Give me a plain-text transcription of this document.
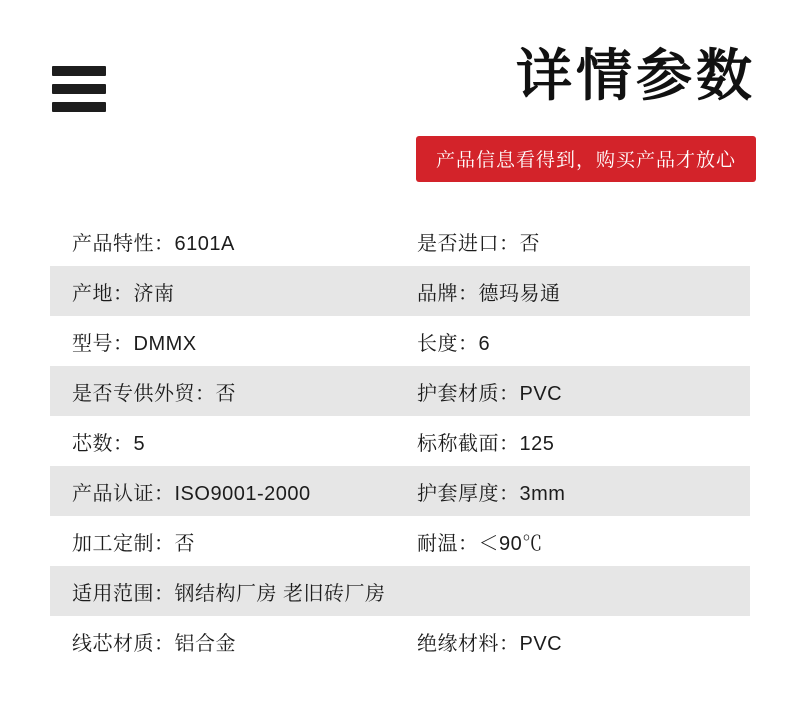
详情参数
产品信息看得到，购买产品才放心
产品特性： 6101A	是否进口： 否
产地： 济南	品牌： 德玛易通
型号： DMMX	长度： 6
是否专供外贸： 否	护套材质： PVC
芯数： 5	标称截面： 125
产品认证： ISO9001-2000	护套厚度： 3mm
加工定制： 否	耐温： ＜90℃
适用范围： 钢结构厂房 老旧砖厂房
线芯材质： 铝合金	绝缘材料： PVC
